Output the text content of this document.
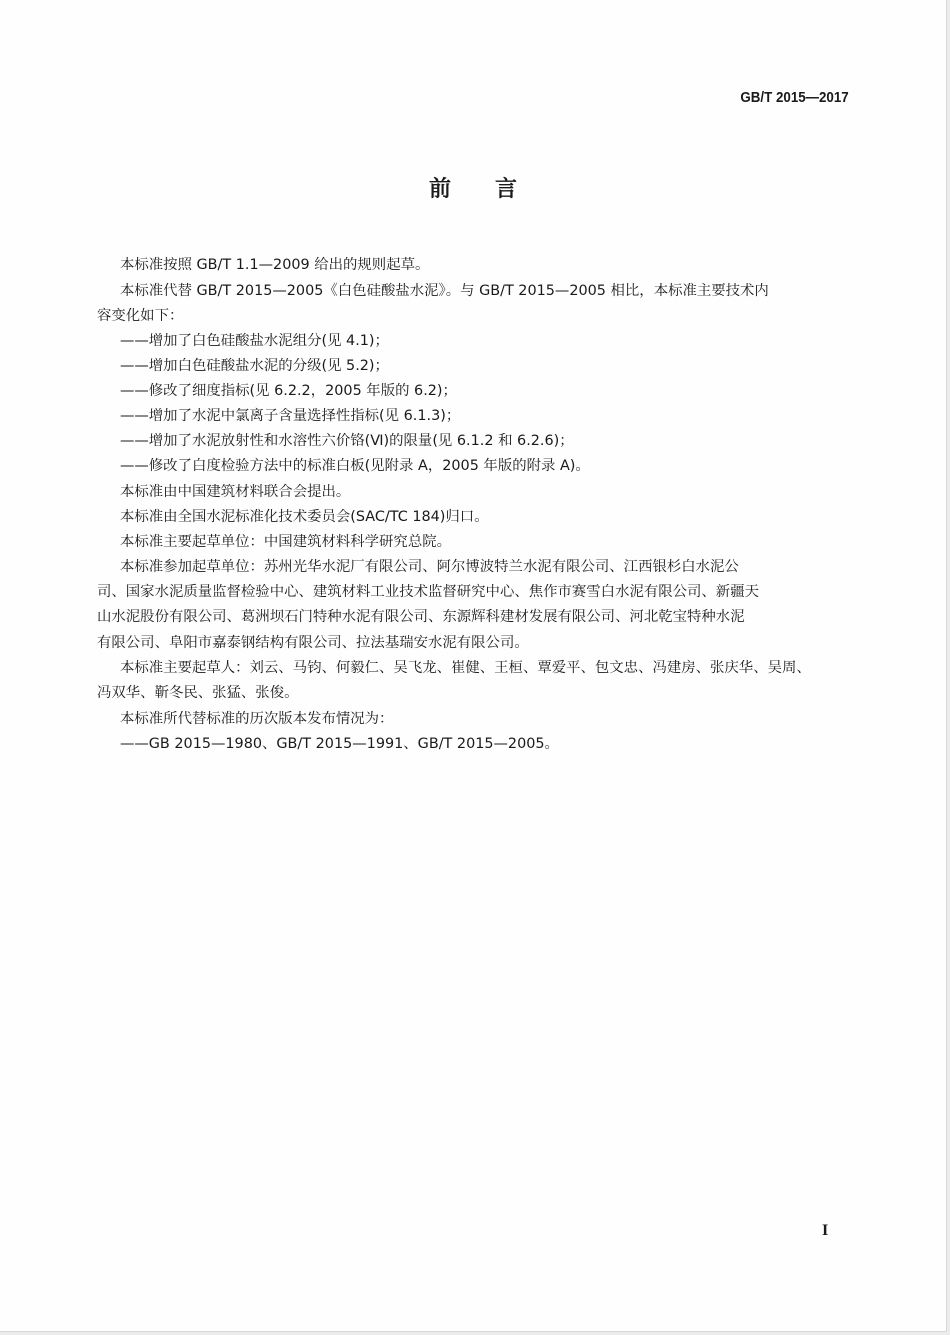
GB/T 2015—2017
前 言
本标准按照 GB/T 1.1—2009 给出的规则起草。
本标准代替 GB/T 2015—2005《白色硅酸盐水泥》。与 GB/T 2015—2005 相比，本标准主要技术内
容变化如下：
——增加了白色硅酸盐水泥组分(见 4.1)；
——增加白色硅酸盐水泥的分级(见 5.2)；
——修改了细度指标(见 6.2.2，2005 年版的 6.2)；
——增加了水泥中氯离子含量选择性指标(见 6.1.3)；
——增加了水泥放射性和水溶性六价铬(Ⅵ)的限量(见 6.1.2 和 6.2.6)；
——修改了白度检验方法中的标准白板(见附录 A，2005 年版的附录 A)。
本标准由中国建筑材料联合会提出。
本标准由全国水泥标准化技术委员会(SAC/TC 184)归口。
本标准主要起草单位：中国建筑材料科学研究总院。
本标准参加起草单位：苏州光华水泥厂有限公司、阿尔博波特兰水泥有限公司、江西银杉白水泥公
司、国家水泥质量监督检验中心、建筑材料工业技术监督研究中心、焦作市赛雪白水泥有限公司、新疆天
山水泥股份有限公司、葛洲坝石门特种水泥有限公司、东源辉科建材发展有限公司、河北乾宝特种水泥
有限公司、阜阳市嘉泰钢结构有限公司、拉法基瑞安水泥有限公司。
本标准主要起草人：刘云、马钧、何毅仁、吴飞龙、崔健、王桓、覃爱平、包文忠、冯建房、张庆华、吴周、
冯双华、靳冬民、张猛、张俊。
本标准所代替标准的历次版本发布情况为：
——GB 2015—1980、GB/T 2015—1991、GB/T 2015—2005。
I
